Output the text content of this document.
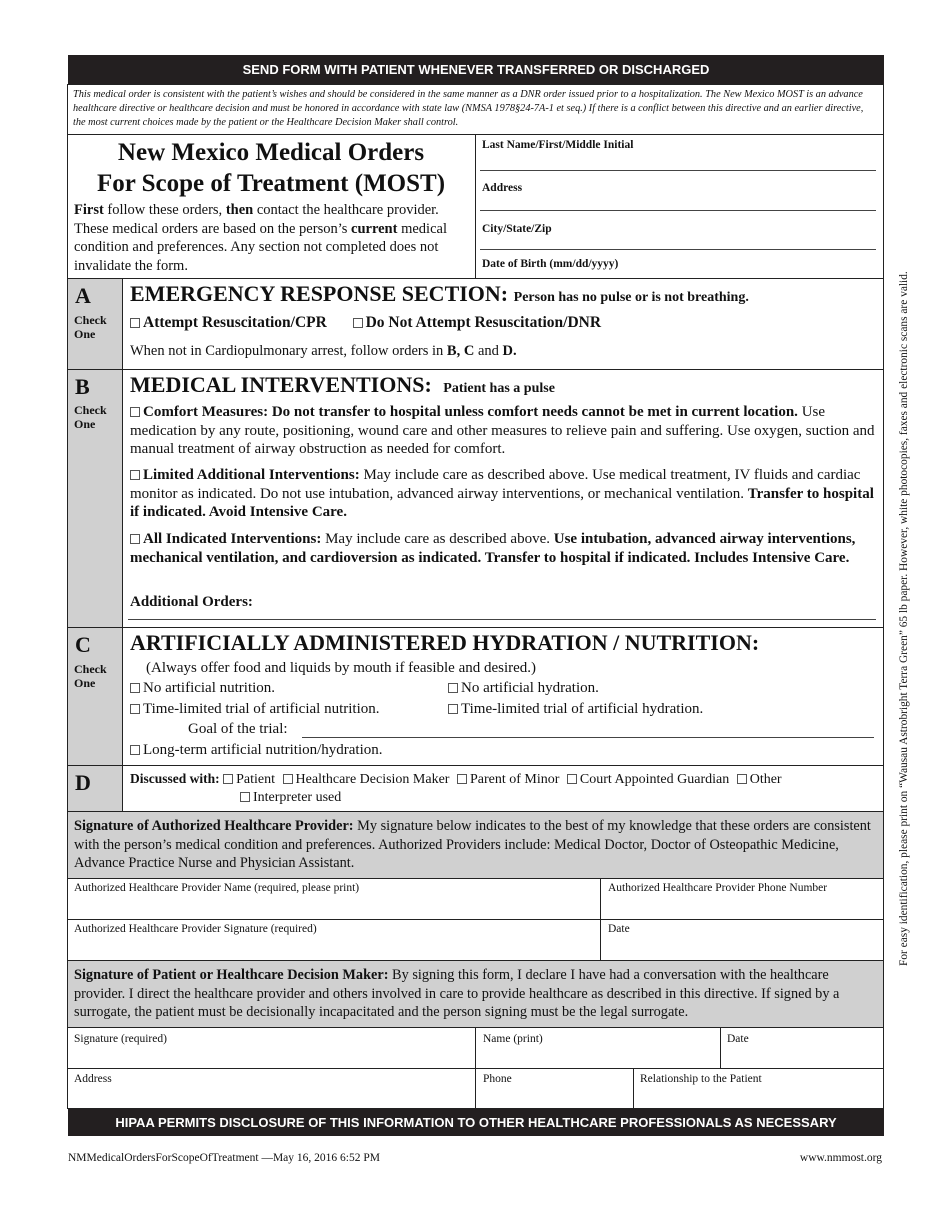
SEND FORM WITH PATIENT WHENEVER TRANSFERRED OR DISCHARGED
This medical order is consistent with the patient’s wishes and should be considered in the same manner as a DNR order issued prior to a hospitalization. The New Mexico MOST is an advance healthcare directive or healthcare decision and must be honored in accordance with state law (NMSA 1978§24-7A-1 et seq.) If there is a conflict between this directive and an earlier directive, the most current choices made by the patient or the Healthcare Decision Maker shall control.
New Mexico Medical Orders
For Scope of Treatment (MOST)
First follow these orders, then contact the healthcare provider. These medical orders are based on the person’s current medical condition and preferences. Any section not completed does not invalidate the form.
Last Name/First/Middle Initial
Address
City/State/Zip
Date of Birth (mm/dd/yyyy)
A
Check One
EMERGENCY RESPONSE SECTION: Person has no pulse or is not breathing.
Attempt Resuscitation/CPR	Do Not Attempt Resuscitation/DNR
When not in Cardiopulmonary arrest, follow orders in B, C and D.
B
Check One
MEDICAL INTERVENTIONS: Patient has a pulse
Comfort Measures: Do not transfer to hospital unless comfort needs cannot be met in current location. Use medication by any route, positioning, wound care and other measures to relieve pain and suffering. Use oxygen, suction and manual treatment of airway obstruction as needed for comfort.
Limited Additional Interventions: May include care as described above. Use medical treatment, IV fluids and cardiac monitor as indicated. Do not use intubation, advanced airway interventions, or mechanical ventilation. Transfer to hospital if indicated. Avoid Intensive Care.
All Indicated Interventions: May include care as described above. Use intubation, advanced airway interventions, mechanical ventilation, and cardioversion as indicated. Transfer to hospital if indicated. Includes Intensive Care.
Additional Orders:
C
Check One
ARTIFICIALLY ADMINISTERED HYDRATION / NUTRITION:
(Always offer food and liquids by mouth if feasible and desired.)
No artificial nutrition.	No artificial hydration.
Time-limited trial of artificial nutrition.	Time-limited trial of artificial hydration.
Goal of the trial:
Long-term artificial nutrition/hydration.
D	Discussed with: Patient Healthcare Decision Maker Parent of Minor Court Appointed Guardian Other
Interpreter used
Signature of Authorized Healthcare Provider: My signature below indicates to the best of my knowledge that these orders are consistent with the person’s medical condition and preferences. Authorized Providers include: Medical Doctor, Doctor of Osteopathic Medicine, Advance Practice Nurse and Physician Assistant.
Authorized Healthcare Provider Name (required, please print)	Authorized Healthcare Provider Phone Number
Authorized Healthcare Provider Signature (required)	Date
Signature of Patient or Healthcare Decision Maker: By signing this form, I declare I have had a conversation with the healthcare provider. I direct the healthcare provider and others involved in care to provide healthcare as described in this directive. If signed by a surrogate, the patient must be decisionally incapacitated and the person signing must be the legal surrogate.
Signature (required)	Name (print)	Date
Address	Phone	Relationship to the Patient
HIPAA PERMITS DISCLOSURE OF THIS INFORMATION TO OTHER HEALTHCARE PROFESSIONALS AS NECESSARY
NMMedicalOrdersForScopeOfTreatment —May 16, 2016 6:52 PM	www.nmmost.org
For easy identification, please print on “Wausau Astrobright Terra Green” 65 lb paper. However, white photocopies, faxes and electronic scans are valid.
